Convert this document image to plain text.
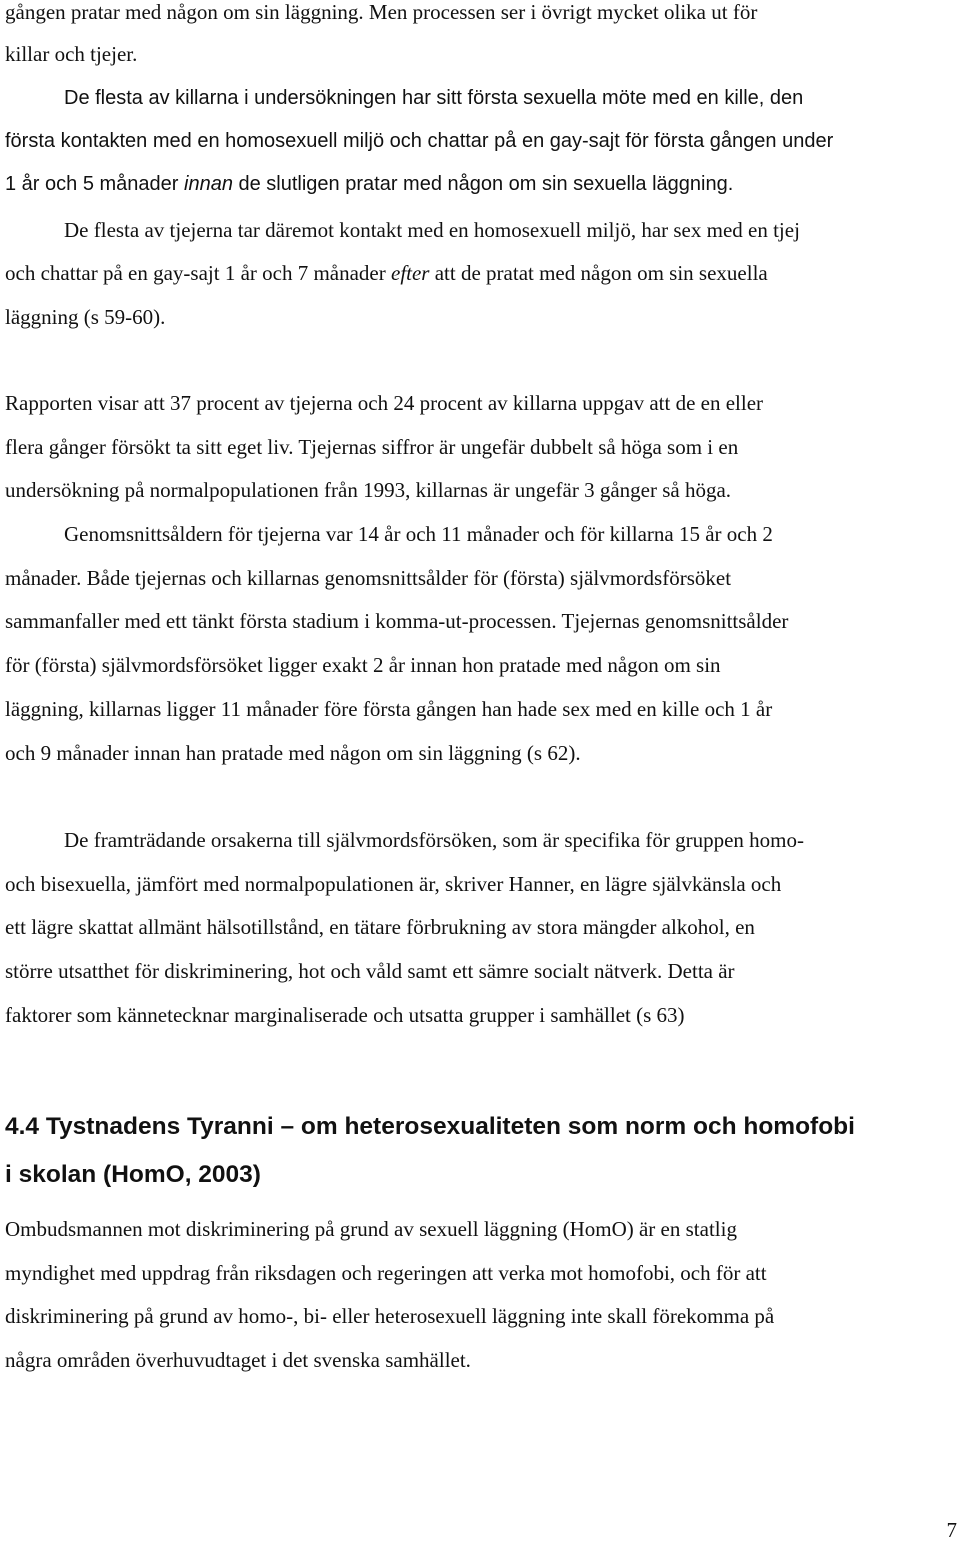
gången pratar med någon om sin läggning. Men processen ser i övrigt mycket olika ut för
killar och tjejer.
De flesta av killarna i undersökningen har sitt första sexuella möte med en kille, den
första kontakten med en homosexuell miljö och chattar på en gay-sajt för första gången under
1 år och 5 månader innan de slutligen pratar med någon om sin sexuella läggning.
De flesta av tjejerna tar däremot kontakt med en homosexuell miljö, har sex med en tjej
och chattar på en gay-sajt 1 år och 7 månader efter att de pratat med någon om sin sexuella
läggning (s 59-60).
Rapporten visar att 37 procent av tjejerna och 24 procent av killarna uppgav att de en eller
flera gånger försökt ta sitt eget liv. Tjejernas siffror är ungefär dubbelt så höga som i en
undersökning på normalpopulationen från 1993, killarnas är ungefär 3 gånger så höga.
Genomsnittsåldern för tjejerna var 14 år och 11 månader och för killarna 15 år och 2
månader. Både tjejernas och killarnas genomsnittsålder för (första) självmordsförsöket
sammanfaller med ett tänkt första stadium i komma-ut-processen. Tjejernas genomsnittsålder
för (första) självmordsförsöket ligger exakt 2 år innan hon pratade med någon om sin
läggning, killarnas ligger 11 månader före första gången han hade sex med en kille och 1 år
och 9 månader innan han pratade med någon om sin läggning (s 62).
De framträdande orsakerna till självmordsförsöken, som är specifika för gruppen homo-
och bisexuella, jämfört med normalpopulationen är, skriver Hanner, en lägre självkänsla och
ett lägre skattat allmänt hälsotillstånd, en tätare förbrukning av stora mängder alkohol, en
större utsatthet för diskriminering, hot och våld samt ett sämre socialt nätverk. Detta är
faktorer som kännetecknar marginaliserade och utsatta grupper i samhället (s 63)
4.4 Tystnadens Tyranni – om heterosexualiteten som norm och homofobi
i skolan (HomO, 2003)
Ombudsmannen mot diskriminering på grund av sexuell läggning (HomO) är en statlig
myndighet med uppdrag från riksdagen och regeringen att verka mot homofobi, och för att
diskriminering på grund av homo-, bi- eller heterosexuell läggning inte skall förekomma på
några områden överhuvudtaget i det svenska samhället.
7
